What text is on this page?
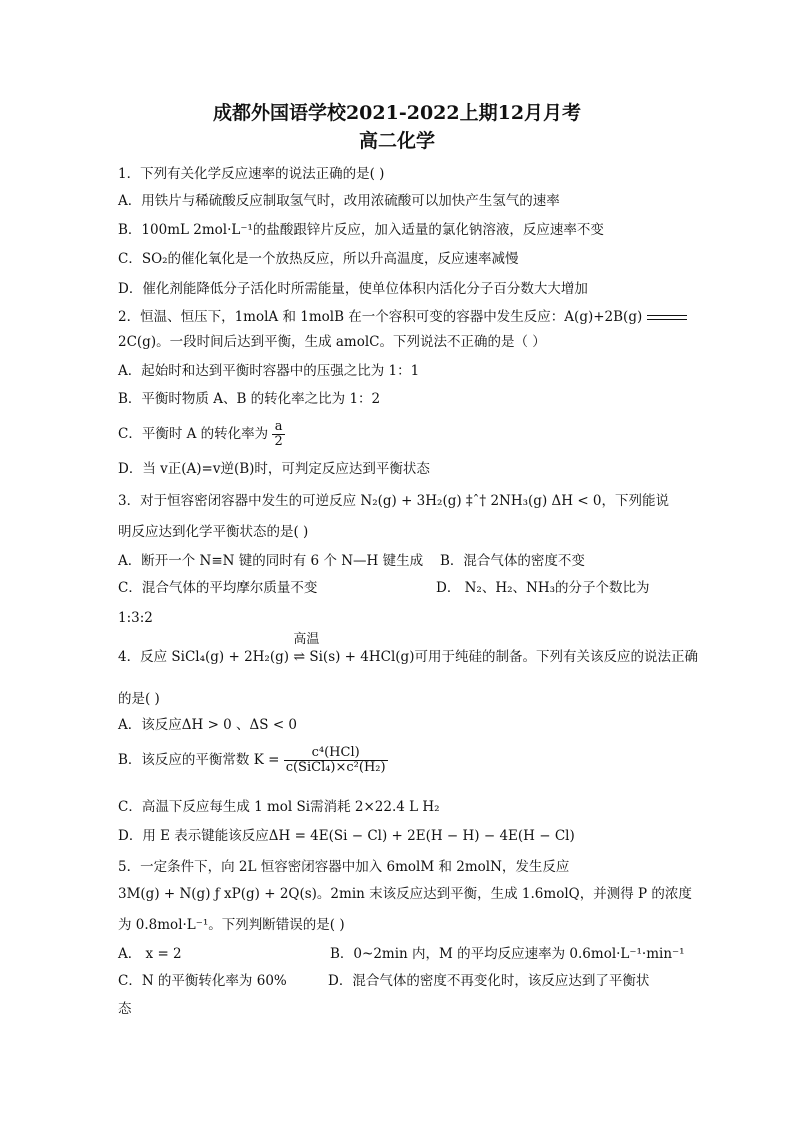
成都外国语学校2021-2022上期12月月考
高二化学
1．下列有关化学反应速率的说法正确的是( )
A．用铁片与稀硫酸反应制取氢气时，改用浓硫酸可以加快产生氢气的速率
B．100mL 2mol·L⁻¹的盐酸跟锌片反应，加入适量的氯化钠溶液，反应速率不变
C．SO₂的催化氧化是一个放热反应，所以升高温度，反应速率减慢
D．催化剂能降低分子活化时所需能量，使单位体积内活化分子百分数大大增加
2．恒温、恒压下，1molA 和 1molB 在一个容积可变的容器中发生反应：A(g)+2B(g)
2C(g)。一段时间后达到平衡，生成 amolC。下列说法不正确的是（ ）
A．起始时和达到平衡时容器中的压强之比为 1：1
B．平衡时物质 A、B 的转化率之比为 1：2
C．平衡时 A 的转化率为 $\frac{a}{2}$
D．当 v正(A)=v逆(B)时，可判定反应达到平衡状态
3．对于恒容密闭容器中发生的可逆反应 N₂(g) + 3H₂(g) ‡ˆ† 2NH₃(g) ΔH < 0，下列能说
明反应达到化学平衡状态的是( )
A．断开一个 N≡N 键的同时有 6 个 N—H 键生成 B．混合气体的密度不变
C．混合气体的平均摩尔质量不变	D． N₂、H₂、NH₃的分子个数比为
1:3:2
4．反应 SiCl₄(g) + 2H₂(g)
高温
⇌ Si(s) + 4HCl(g)可用于纯硅的制备。下列有关该反应的说法正确
的是( )
A．该反应ΔH > 0 、ΔS < 0
B．该反应的平衡常数 $K = \frac{\text{c⁴(HCl)}}{\text{c(SiCl₄)×c²(H₂)}}$
C．高温下反应每生成 1 mol Si需消耗 2×22.4 L H₂
D．用 E 表示键能该反应ΔH = 4E(Si − Cl) + 2E(H − H) − 4E(H − Cl)
5．一定条件下，向 2L 恒容密闭容器中加入 6molM 和 2molN，发生反应
3M(g) + N(g) ƒ xP(g) + 2Q(s)。2min 末该反应达到平衡，生成 1.6molQ，并测得 P 的浓度
为 0.8mol·L⁻¹。下列判断错误的是( )
A． x = 2	B．0~2min 内，M 的平均反应速率为 0.6mol·L⁻¹·min⁻¹
C．N 的平衡转化率为 60%	D．混合气体的密度不再变化时，该反应达到了平衡状
态
